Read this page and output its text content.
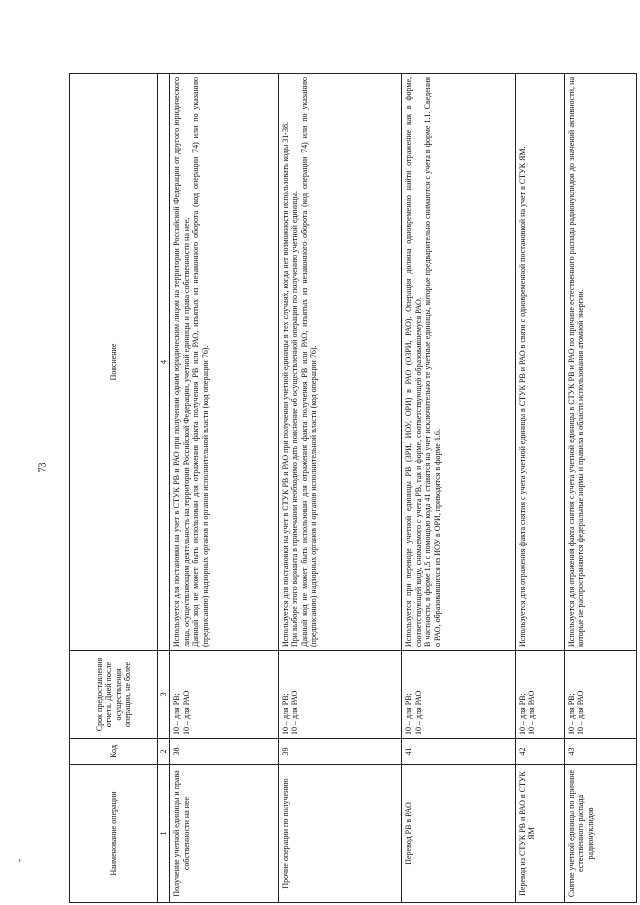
73
›	Наименование операции	Код	Срок предоставления отчета. Дней после осуществления операции, не более	Пояснение
1	2	3	4
Получение учетной единицы и права собственности на нее	38	10 – для РВ; 10 – для РАО	Используется для постановки на учет в СТУК РВ и РАО при получении одним юридическим лицом на территории Российской Федерации от другого юридического лица, осуществляющим деятельность на территории Российской Федерации, учетной единицы и права собственности на нее. Данный код не может быть использован для отражения факта получения РВ или РАО, изъятых из незаконного оборота (код операции 74) или по указанию (предписанию) надзорных органов и органов исполнительной власти (код операции 76).

Прочие операции по получению	39	10 – для РВ; 10 – для РАО	Используется для постановки на учет в СТУК РВ и РАО при получении учетной единицы в тех случаях, когда нет возможности использовать коды 31-38. При выборе этого варианта в примечании необходимо дать пояснение об осуществленной операции по получению учетной единицы. Данный код не может быть использован для отражения факта получения РВ или РАО, изъятых из незаконного оборота (код операции 74) или по указанию (предписанию) надзорных органов и органов исполнительной власти (код операции 76).

Перевод РВ в РАО	41	10 – для РВ; 10 – для РАО	Используется при переводе учетной единицы РВ (ЗРИ, ИОУ, ОРИ) в РАО (ОЗРИ, РАО). Операция должна одновременно найти отражение как в форме, соответствующей виду, снимаемого с учета РВ, так и форме, соответствующей образовавшемуся РАО. В частности, в форме 1.5 с помощью кода 41 ставятся на учет исключительно те учетные единицы, которые предварительно снимаются с учета в форме 1.1. Сведения о РАО, образовавшихся из ИОУ в ОРИ, приводятся в форме 1.6.

Перевод из СТУК РВ и РАО в СТУК ЯМ	42	10 – для РВ; 10 – для РАО	Используется для отражения факта снятия с учета учетной единицы в СТУК РВ и РАО в связи с одновременной постановкой на учет в СТУК ЯМ.

Снятие учетной единицы по причине естественного распада радионуклидов	43	10 – для РВ; 10 – для РАО	Используется для отражения факта снятия с учета учетной единицы в СТУК РВ и РАО по причине естественного распада радионуклидов до значений активности, на которые не распространяются федеральные нормы и правила в области использования атомной энергии.
